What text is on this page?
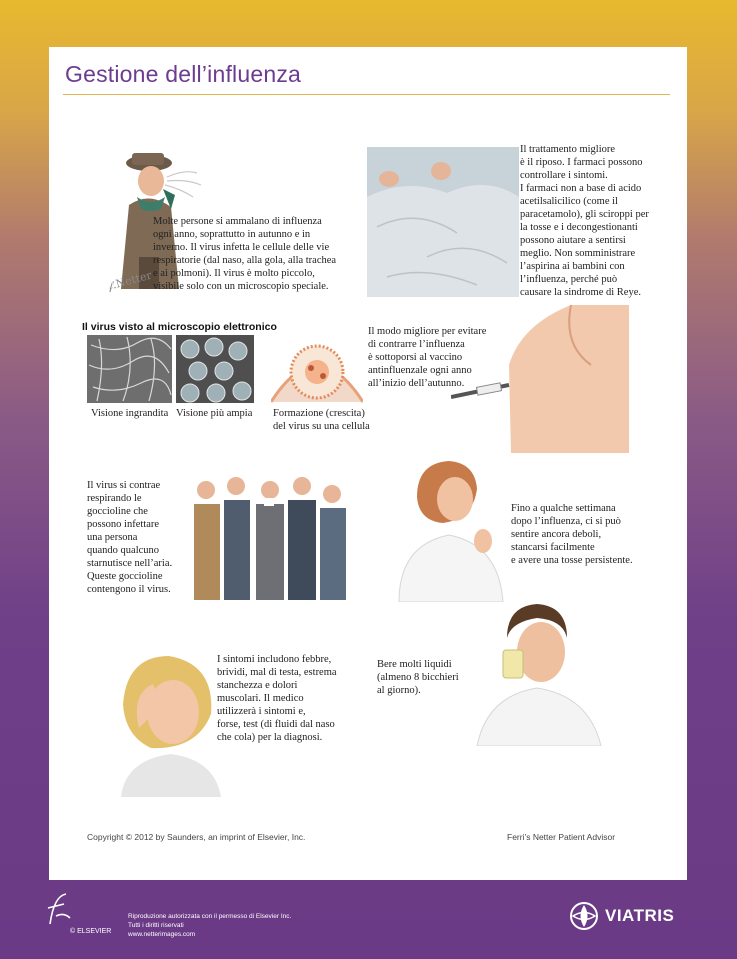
Gestione dell’influenza
𝒻.Netter
Molte persone si ammalano di influenza
ogni anno, soprattutto in autunno e in
inverno. Il virus infetta le cellule delle vie
respiratorie (dal naso, alla gola, alla trachea
e ai polmoni). Il virus è molto piccolo,
visibile solo con un microscopio speciale.
Il trattamento migliore
è il riposo. I farmaci possono
controllare i sintomi.
I farmaci non a base di acido
acetilsalicilico (come il
paracetamolo), gli sciroppi per
la tosse e i decongestionanti
possono aiutare a sentirsi
meglio. Non somministrare
l’aspirina ai bambini con
l’influenza, perché può
causare la sindrome di Reye.
Il virus visto al microscopio elettronico
Visione ingrandita Visione più ampia Formazione (crescita)
del virus su una cellula
Il modo migliore per evitare
di contrarre l’influenza
è sottoporsi al vaccino
antinfluenzale ogni anno
all’inizio dell’autunno.
Il virus si contrae
respirando le
goccioline che
possono infettare
una persona
quando qualcuno
starnutisce nell’aria.
Queste goccioline
contengono il virus.
Fino a qualche settimana
dopo l’influenza, ci si può
sentire ancora deboli,
stancarsi facilmente
e avere una tosse persistente.
I sintomi includono febbre,
brividi, mal di testa, estrema
stanchezza e dolori
muscolari. Il medico
utilizzerà i sintomi e,
forse, test (di fluidi dal naso
che cola) per la diagnosi.
Bere molti liquidi
(almeno 8 bicchieri
al giorno).
Copyright © 2012 by Saunders, an imprint of Elsevier, Inc.	Ferri’s Netter Patient Advisor
© ELSEVIER
Riproduzione autorizzata con il permesso di Elsevier Inc.
Tutti i diritti riservati
www.netterimages.com
VIATRIS
